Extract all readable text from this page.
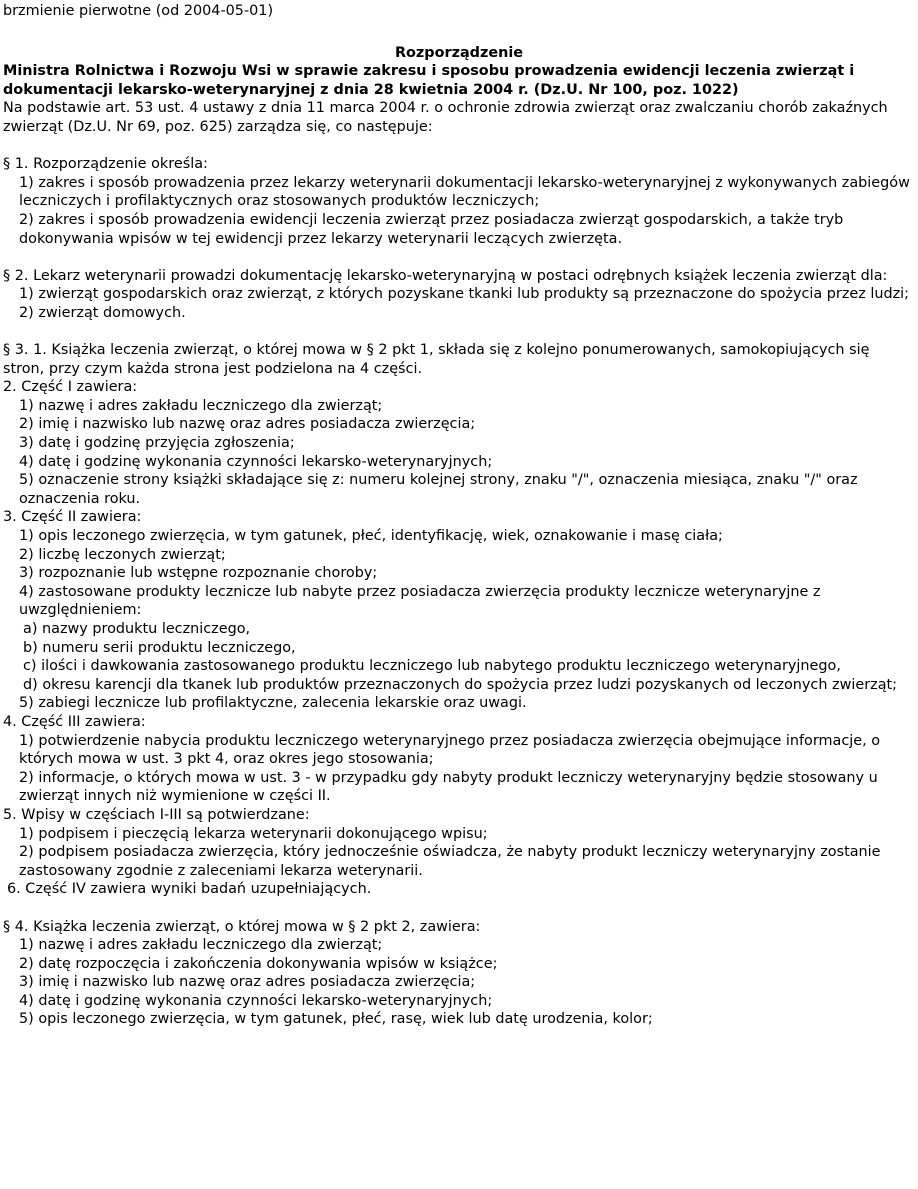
brzmienie pierwotne (od 2004-05-01)

Rozporządzenie

Ministra Rolnictwa i Rozwoju Wsi w sprawie zakresu i sposobu prowadzenia ewidencji leczenia zwierząt i dokumentacji lekarsko-weterynaryjnej z dnia 28 kwietnia 2004 r. (Dz.U. Nr 100, poz. 1022)

Na podstawie art. 53 ust. 4 ustawy z dnia 11 marca 2004 r. o ochronie zdrowia zwierząt oraz zwalczaniu chorób zakaźnych zwierząt (Dz.U. Nr 69, poz. 625) zarządza się, co następuje:

§ 1. Rozporządzenie określa:

1) zakres i sposób prowadzenia przez lekarzy weterynarii dokumentacji lekarsko-weterynaryjnej z wykonywanych zabiegów leczniczych i profilaktycznych oraz stosowanych produktów leczniczych;

2) zakres i sposób prowadzenia ewidencji leczenia zwierząt przez posiadacza zwierząt gospodarskich, a także tryb dokonywania wpisów w tej ewidencji przez lekarzy weterynarii leczących zwierzęta.

§ 2. Lekarz weterynarii prowadzi dokumentację lekarsko-weterynaryjną w postaci odrębnych książek leczenia zwierząt dla:

1) zwierząt gospodarskich oraz zwierząt, z których pozyskane tkanki lub produkty są przeznaczone do spożycia przez ludzi;

2) zwierząt domowych.

§ 3. 1. Książka leczenia zwierząt, o której mowa w § 2 pkt 1, składa się z kolejno ponumerowanych, samokopiujących się stron, przy czym każda strona jest podzielona na 4 części.

2. Część I zawiera:

1) nazwę i adres zakładu leczniczego dla zwierząt;

2) imię i nazwisko lub nazwę oraz adres posiadacza zwierzęcia;

3) datę i godzinę przyjęcia zgłoszenia;

4) datę i godzinę wykonania czynności lekarsko-weterynaryjnych;

5) oznaczenie strony książki składające się z: numeru kolejnej strony, znaku "/", oznaczenia miesiąca, znaku "/" oraz oznaczenia roku.

3. Część II zawiera:

1) opis leczonego zwierzęcia, w tym gatunek, płeć, identyfikację, wiek, oznakowanie i masę ciała;

2) liczbę leczonych zwierząt;

3) rozpoznanie lub wstępne rozpoznanie choroby;

4) zastosowane produkty lecznicze lub nabyte przez posiadacza zwierzęcia produkty lecznicze weterynaryjne z uwzględnieniem:

a) nazwy produktu leczniczego,

b) numeru serii produktu leczniczego,

c) ilości i dawkowania zastosowanego produktu leczniczego lub nabytego produktu leczniczego weterynaryjnego,

d) okresu karencji dla tkanek lub produktów przeznaczonych do spożycia przez ludzi pozyskanych od leczonych zwierząt;

5) zabiegi lecznicze lub profilaktyczne, zalecenia lekarskie oraz uwagi.

4. Część III zawiera:

1) potwierdzenie nabycia produktu leczniczego weterynaryjnego przez posiadacza zwierzęcia obejmujące informacje, o których mowa w ust. 3 pkt 4, oraz okres jego stosowania;

2) informacje, o których mowa w ust. 3 - w przypadku gdy nabyty produkt leczniczy weterynaryjny będzie stosowany u zwierząt innych niż wymienione w części II.

5. Wpisy w częściach I-III są potwierdzane:

1) podpisem i pieczęcią lekarza weterynarii dokonującego wpisu;

2) podpisem posiadacza zwierzęcia, który jednocześnie oświadcza, że nabyty produkt leczniczy weterynaryjny zostanie zastosowany zgodnie z zaleceniami lekarza weterynarii.

6. Część IV zawiera wyniki badań uzupełniających.

§ 4. Książka leczenia zwierząt, o której mowa w § 2 pkt 2, zawiera:

1) nazwę i adres zakładu leczniczego dla zwierząt;

2) datę rozpoczęcia i zakończenia dokonywania wpisów w książce;

3) imię i nazwisko lub nazwę oraz adres posiadacza zwierzęcia;

4) datę i godzinę wykonania czynności lekarsko-weterynaryjnych;

5) opis leczonego zwierzęcia, w tym gatunek, płeć, rasę, wiek lub datę urodzenia, kolor;
